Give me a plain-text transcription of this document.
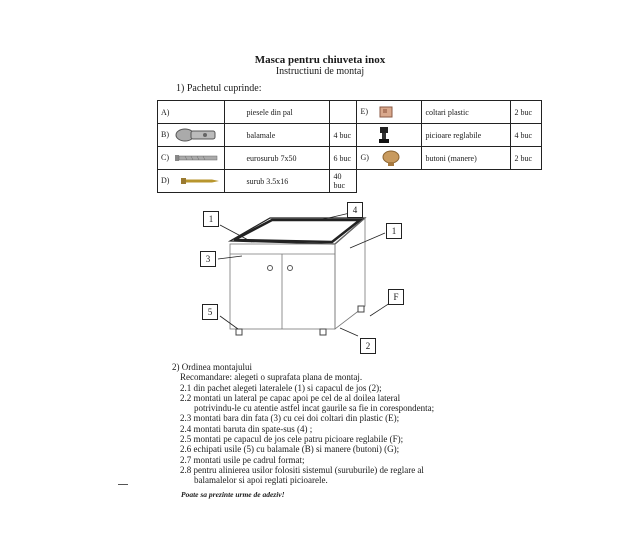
Masca pentru chiuveta inox
Instructiuni de montaj
1) Pachetul cuprinde:
A)	piesele din pal		E)	coltari plastic	2 buc
B)	balamale	4 buc		picioare reglabile	4 buc
C)	eurosurub 7x50	6 buc	G)	butoni (manere)	2 buc
D)	surub 3.5x16	40 buc			
1
4
1
3
F
5
2
2) Ordinea montajului
Recomandare: alegeti o suprafata plana de montaj.
2.1 din pachet alegeti lateralele (1) si capacul de jos (2);
2.2 montati un lateral pe capac apoi pe cel de al doilea lateral
potrivindu-le cu atentie astfel incat gaurile sa fie in corespondenta;
2.3 montati bara din fata (3) cu cei doi coltari din plastic (E);
2.4 montati baruta din spate-sus (4) ;
2.5 montati pe capacul de jos cele patru picioare reglabile (F);
2.6 echipati usile (5) cu balamale (B) si manere (butoni) (G);
2.7 montati usile pe cadrul format;
2.8 pentru alinierea usilor folositi sistemul (suruburile) de reglare al
balamalelor si apoi reglati picioarele.
Poate sa prezinte urme de adeziv!
